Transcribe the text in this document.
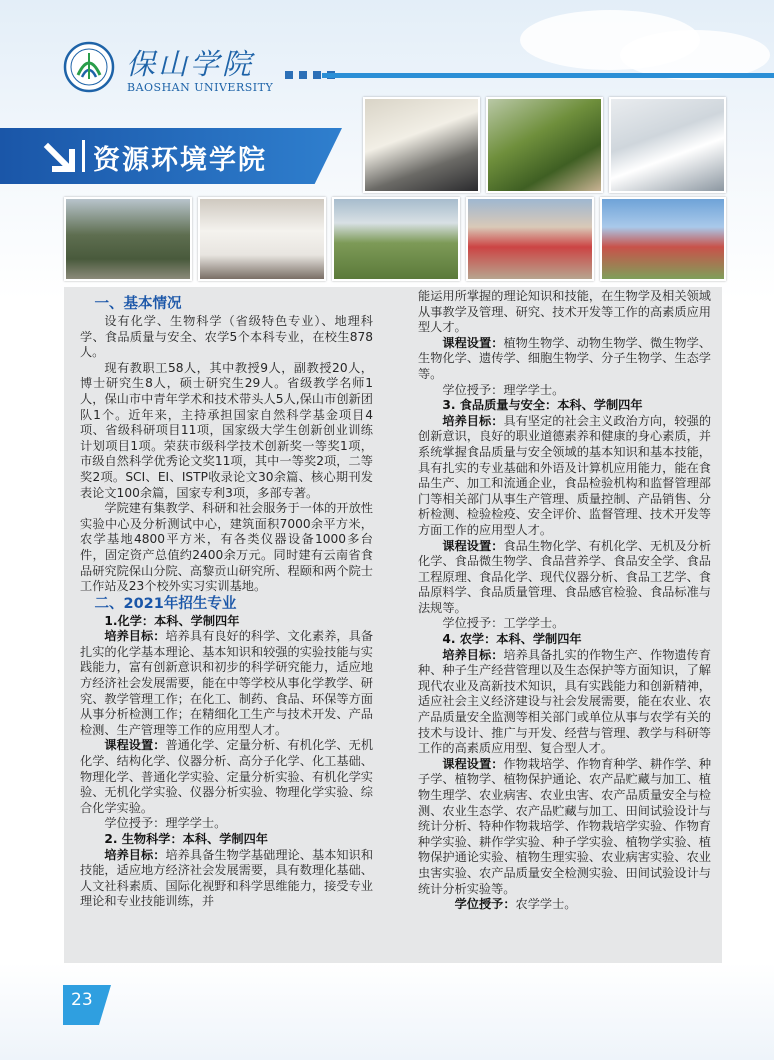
保山学院
BAOSHAN UNIVERSITY
资源环境学院

一、基本情况

设有化学、生物科学（省级特色专业）、地理科学、食品质量与安全、农学5个本科专业，在校生878人。

现有教职工58人，其中教授9人，副教授20人，博士研究生8人，硕士研究生29人。省级教学名师1人，保山市中青年学术和技术带头人5人,保山市创新团队1个。近年来，主持承担国家自然科学基金项目4项、省级科研项目11项，国家级大学生创新创业训练计划项目1项。荣获市级科学技术创新奖一等奖1项，市级自然科学优秀论文奖11项，其中一等奖2项，二等奖2项。SCI、EI、ISTP收录论文30余篇、核心期刊发表论文100余篇，国家专利3项，多部专著。

学院建有集教学、科研和社会服务于一体的开放性实验中心及分析测试中心，建筑面积7000余平方米，农学基地4800平方米，有各类仪器设备1000多台件，固定资产总值约2400余万元。同时建有云南省食品研究院保山分院、高黎贡山研究所、程颐和两个院士工作站及23个校外实习实训基地。

二、2021年招生专业

1.化学：本科、学制四年

培养目标：培养具有良好的科学、文化素养，具备扎实的化学基本理论、基本知识和较强的实验技能与实践能力，富有创新意识和初步的科学研究能力，适应地方经济社会发展需要，能在中等学校从事化学教学、研究、教学管理工作；在化工、制药、食品、环保等方面从事分析检测工作；在精细化工生产与技术开发、产品检测、生产管理等工作的应用型人才。

课程设置：普通化学、定量分析、有机化学、无机化学、结构化学、仪器分析、高分子化学、化工基础、物理化学、普通化学实验、定量分析实验、有机化学实验、无机化学实验、仪器分析实验、物理化学实验、综合化学实验。

学位授予：理学学士。

2. 生物科学：本科、学制四年

培养目标：培养具备生物学基础理论、基本知识和技能，适应地方经济社会发展需要，具有数理化基础、人文社科素质、国际化视野和科学思维能力，接受专业理论和专业技能训练，并

能运用所掌握的理论知识和技能，在生物学及相关领域从事教学及管理、研究、技术开发等工作的高素质应用型人才。

课程设置：植物生物学、动物生物学、微生物学、生物化学、遗传学、细胞生物学、分子生物学、生态学等。

学位授予：理学学士。

3. 食品质量与安全：本科、学制四年

培养目标：具有坚定的社会主义政治方向，较强的创新意识，良好的职业道德素养和健康的身心素质，并系统掌握食品质量与安全领域的基本知识和基本技能，具有扎实的专业基础和外语及计算机应用能力，能在食品生产、加工和流通企业，食品检验机构和监督管理部门等相关部门从事生产管理、质量控制、产品销售、分析检测、检验检疫、安全评价、监督管理、技术开发等方面工作的应用型人才。

课程设置：食品生物化学、有机化学、无机及分析化学、食品微生物学、食品营养学、食品安全学、食品工程原理、食品化学、现代仪器分析、食品工艺学、食品原料学、食品质量管理、食品感官检验、食品标准与法规等。

学位授予：工学学士。

4. 农学：本科、学制四年

培养目标：培养具备扎实的作物生产、作物遗传育种、种子生产经营管理以及生态保护等方面知识，了解现代农业及高新技术知识，具有实践能力和创新精神，适应社会主义经济建设与社会发展需要，能在农业、农产品质量安全监测等相关部门或单位从事与农学有关的技术与设计、推广与开发、经营与管理、教学与科研等工作的高素质应用型、复合型人才。

课程设置：作物栽培学、作物育种学、耕作学、种子学、植物学、植物保护通论、农产品贮藏与加工、植物生理学、农业病害、农业虫害、农产品质量安全与检测、农业生态学、农产品贮藏与加工、田间试验设计与统计分析、特种作物栽培学、作物栽培学实验、作物育种学实验、耕作学实验、种子学实验、植物学实验、植物保护通论实验、植物生理实验、农业病害实验、农业虫害实验、农产品质量安全检测实验、田间试验设计与统计分析实验等。

学位授予：农学学士。

23
